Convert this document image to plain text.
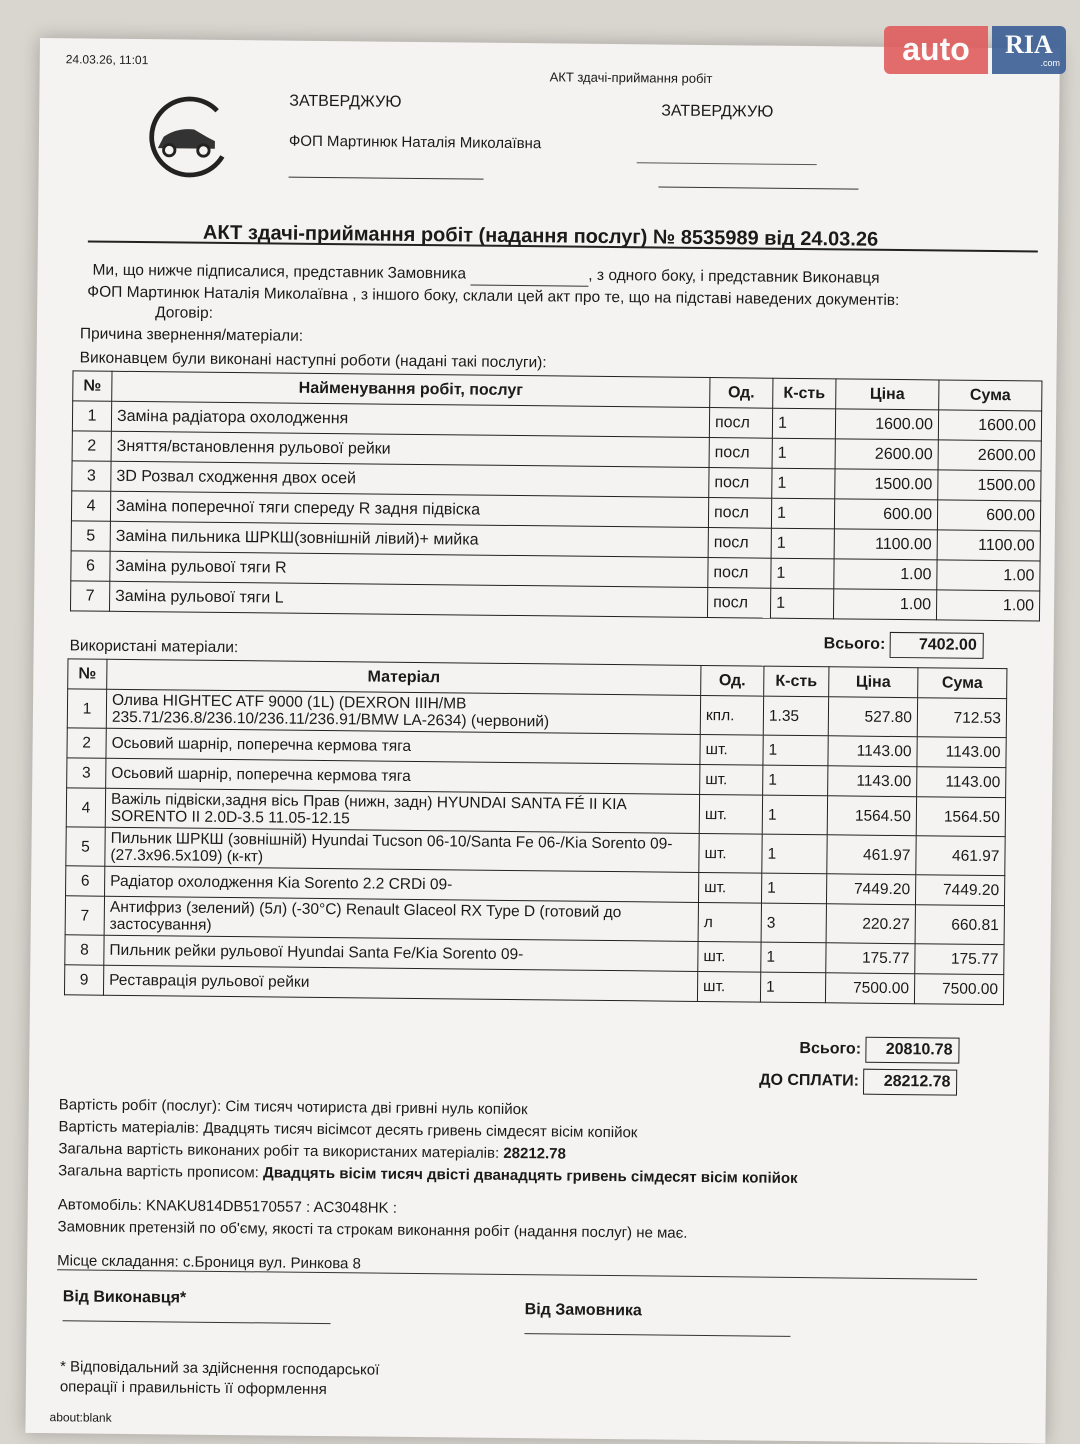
24.03.26, 11:01
АКТ здачі-приймання робіт
ЗАТВЕРДЖУЮ
ФОП Мартинюк Наталія Миколаївна
ЗАТВЕРДЖУЮ
АКТ здачі-приймання робіт (надання послуг) № 8535989 від 24.03.26
Ми, що нижче підписалися, представник Замовника	, з одного боку, і представник Виконавця
ФОП Мартинюк Наталія Миколаївна , з іншого боку, склали цей акт про те, що на підставі наведених документів:
Договір:
Причина звернення/матеріали:
Виконавцем були виконані наступні роботи (надані такі послуги):
№	Найменування робіт, послуг	Од.	К-сть	Ціна	Сума
1	Заміна радіатора охолодження	посл	1	1600.00	1600.00
2	Зняття/встановлення рульової рейки	посл	1	2600.00	2600.00
3	3D Розвал сходження двох осей	посл	1	1500.00	1500.00
4	Заміна поперечної тяги спереду R задня підвіска	посл	1	600.00	600.00
5	Заміна пильника ШРКШ(зовнішній лівий)+ мийка	посл	1	1100.00	1100.00
6	Заміна рульової тяги R	посл	1	1.00	1.00
7	Заміна рульової тяги L	посл	1	1.00	1.00
Всього: 7402.00
Використані матеріали:
№	Матеріал	Од.	К-сть	Ціна	Сума
1	Олива HIGHTEC ATF 9000 (1L) (DEXRON IIIH/MB 235.71/236.8/236.10/236.11/236.91/BMW LA-2634) (червоний)	кпл.	1.35	527.80	712.53
2	Осьовий шарнір, поперечна кермова тяга	шт.	1	1143.00	1143.00
3	Осьовий шарнір, поперечна кермова тяга	шт.	1	1143.00	1143.00
4	Важіль підвіски,задня вісь Прав (нижн, задн) HYUNDAI SANTA FÉ II KIA SORENTO II 2.0D-3.5 11.05-12.15	шт.	1	1564.50	1564.50
5	Пильник ШРКШ (зовнішній) Hyundai Tucson 06-10/Santa Fe 06-/Kia Sorento 09- (27.3x96.5x109) (к-кт)	шт.	1	461.97	461.97
6	Радіатор охолодження Kia Sorento 2.2 CRDi 09-	шт.	1	7449.20	7449.20
7	Антифриз (зелений) (5л) (-30°C) Renault Glaceol RX Type D (готовий до застосування)	л	3	220.27	660.81
8	Пильник рейки рульової Hyundai Santa Fe/Kia Sorento 09-	шт.	1	175.77	175.77
9	Реставрація рульової рейки	шт.	1	7500.00	7500.00
Всього: 20810.78
ДО СПЛАТИ: 28212.78
Вартість робіт (послуг): Сім тисяч чотириста дві гривні нуль копійок
Вартість матеріалів: Двадцять тисяч вісімсот десять гривень сімдесят вісім копійок
Загальна вартість виконаних робіт та використаних матеріалів: 28212.78
Загальна вартість прописом: Двадцять вісім тисяч двісті дванадцять гривень сімдесят вісім копійок
Автомобіль: KNAKU814DB5170557 : AC3048HK :
Замовник претензій по об'єму, якості та строкам виконання робіт (надання послуг) не має.
Місце складання: с.Брониця вул. Ринкова 8
Від Виконавця*
Від Замовника
* Відповідальний за здійснення господарської
операції і правильність її оформлення
about:blank
auto	RIA
.com
